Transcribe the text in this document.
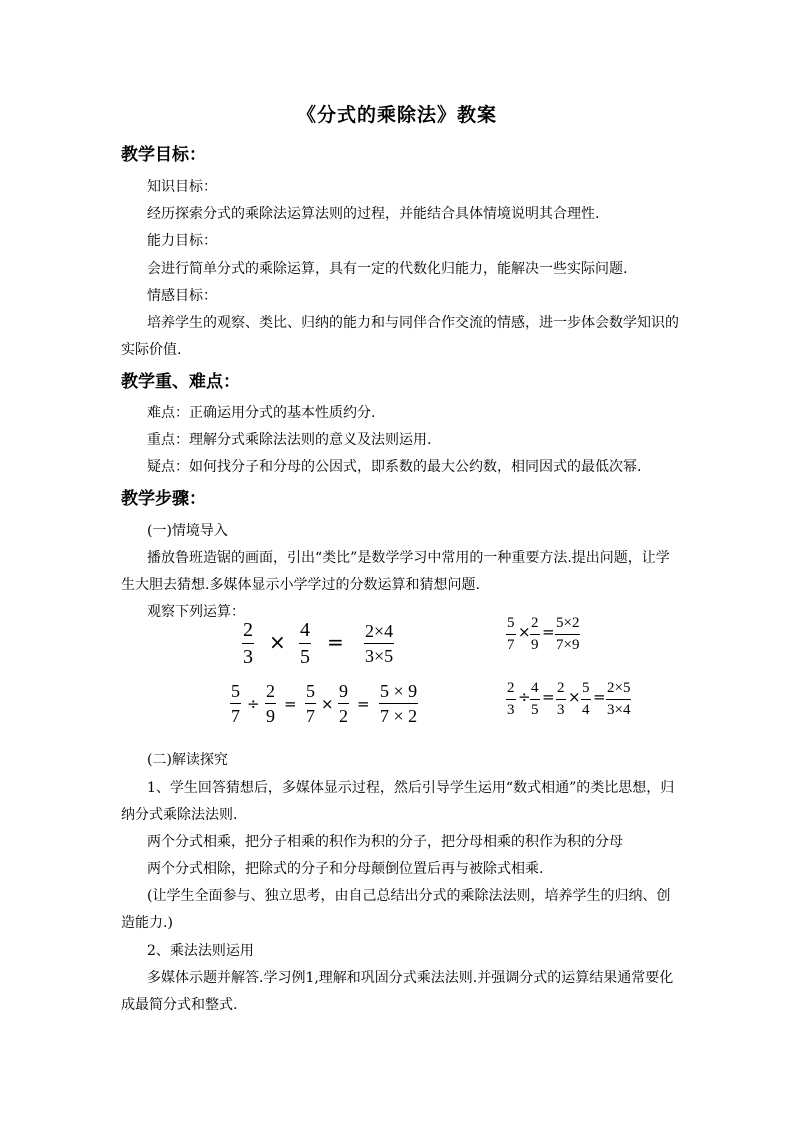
《分式的乘除法》教案
教学目标：
知识目标：
经历探索分式的乘除法运算法则的过程，并能结合具体情境说明其合理性.
能力目标：
会进行简单分式的乘除运算，具有一定的代数化归能力，能解决一些实际问题.
情感目标：
培养学生的观察、类比、归纳的能力和与同伴合作交流的情感，进一步体会数学知识的
实际价值.
教学重、难点：
难点：正确运用分式的基本性质约分.
重点：理解分式乘除法法则的意义及法则运用.
疑点：如何找分子和分母的公因式，即系数的最大公约数，相同因式的最低次幂.
教学步骤：
(一)情境导入
播放鲁班造锯的画面，引出“类比”是数学学习中常用的一种重要方法.提出问题，让学
生大胆去猜想.多媒体显示小学学过的分数运算和猜想问题.
观察下列运算：
2
3
× 4
5
= 2×4
3×5
5
7
× 2
9
= 5×2
7×9
5
7
÷
2
9
=
5
7
×
9
2
=
5 × 9
7 × 2
2
3
÷ 4
5
= 2
3
× 5
4
= 2×5
3×4
(二)解读探究
1、学生回答猜想后，多媒体显示过程，然后引导学生运用“数式相通”的类比思想，归
纳分式乘除法法则.
两个分式相乘，把分子相乘的积作为积的分子，把分母相乘的积作为积的分母
两个分式相除，把除式的分子和分母颠倒位置后再与被除式相乘.
(让学生全面参与、独立思考，由自己总结出分式的乘除法法则，培养学生的归纳、创
造能力.)
2、乘法法则运用
多媒体示题并解答.学习例1,理解和巩固分式乘法法则.并强调分式的运算结果通常要化
成最简分式和整式.
